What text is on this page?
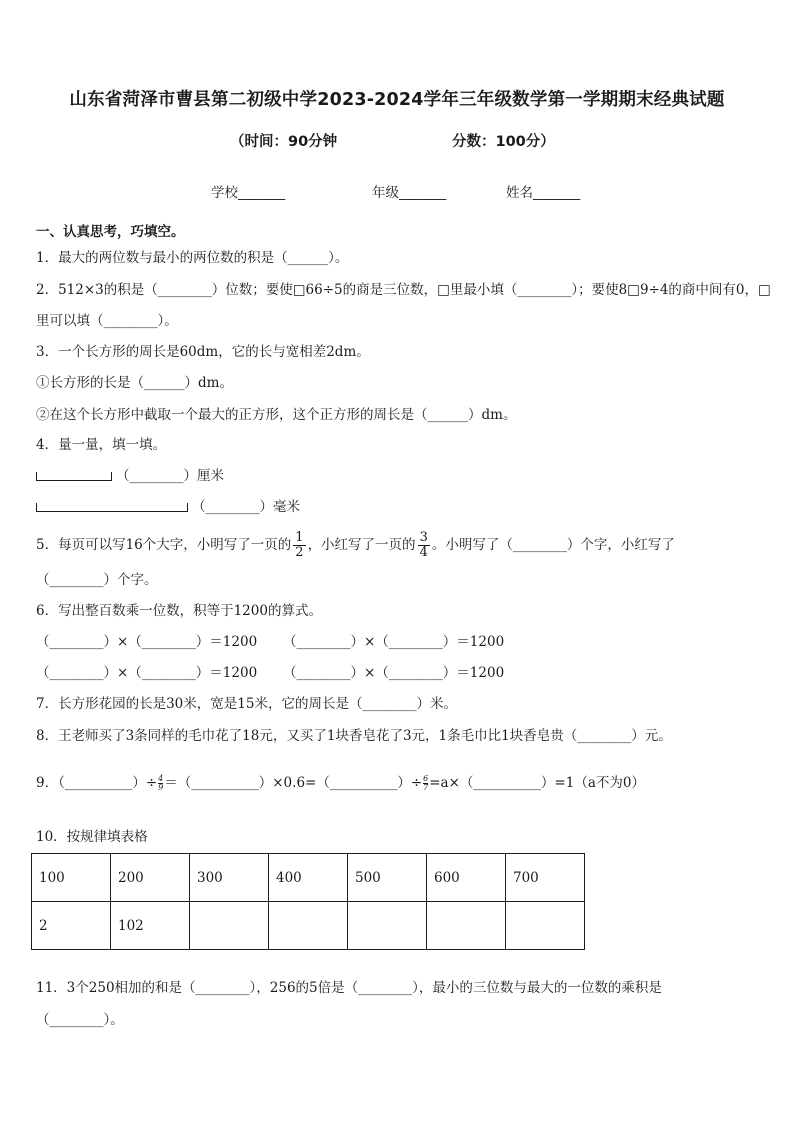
山东省菏泽市曹县第二初级中学2023-2024学年三年级数学第一学期期末经典试题
（时间：90分钟	分数：100分）
学校_______	年级_______	姓名_______
一、认真思考，巧填空。
1．最大的两位数与最小的两位数的积是（______）。
2．512×3的积是（________）位数；要使□66÷5的商是三位数，□里最小填（________）；要使8□9÷4的商中间有0，□
里可以填（________）。
3．一个长方形的周长是60dm，它的长与宽相差2dm。
①长方形的长是（______）dm。
②在这个长方形中截取一个最大的正方形，这个正方形的周长是（______）dm。
4．量一量，填一填。
（________）厘米
（________）毫米
5．每页可以写16个大字，小明写了一页的 $\frac{1}{2}$ ，小红写了一页的 $\frac{3}{4}$ 。小明写了（________）个字，小红写了
（________）个字。
6．写出整百数乘一位数，积等于1200的算式。
（________）×（________）＝1200 （________）×（________）＝1200
（________）×（________）＝1200 （________）×（________）＝1200
7．长方形花园的长是30米，宽是15米，它的周长是（________）米。
8．王老师买了3条同样的毛巾花了18元，又买了1块香皂花了3元，1条毛巾比1块香皂贵（________）元。
9．（__________）÷ $\frac{4}{9}=(\_\_\_\_\_\_\_\_\_\_)\times 0.6=(\_\_\_\_\_\_\_\_\_\_)\div$ $\frac{6}{7}=a\times(\_\_\_\_\_\_\_\_\_\_)=1(a$不为0）
10．按规律填表格
100	200	300	400	500	600	700
2	102					
11．3个250相加的和是（________），256的5倍是（________），最小的三位数与最大的一位数的乘积是
（________）。
